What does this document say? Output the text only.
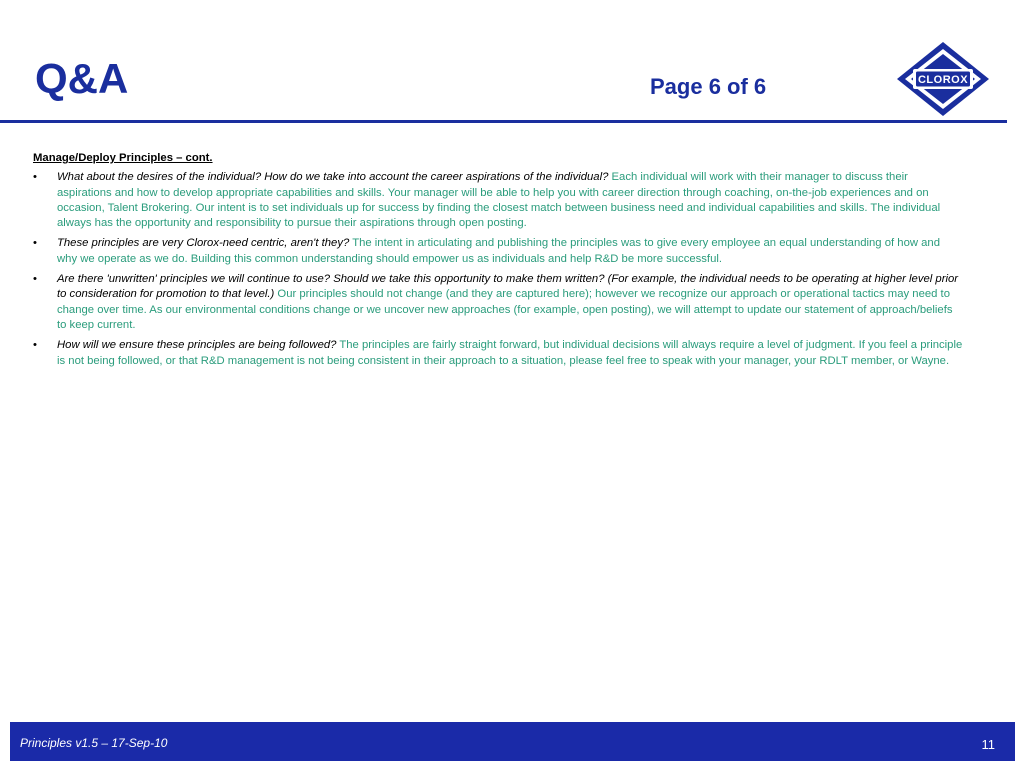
Q&A	Page 6 of 6	CLOROX
Manage/Deploy Principles – cont.
• What about the desires of the individual? How do we take into account the career aspirations of the individual? Each individual will work with their manager to discuss their aspirations and how to develop appropriate capabilities and skills. Your manager will be able to help you with career direction through coaching, on-the-job experiences and on occasion, Talent Brokering. Our intent is to set individuals up for success by finding the closest match between business need and individual capabilities and skills. The individual always has the opportunity and responsibility to pursue their aspirations through open posting.
• These principles are very Clorox-need centric, aren't they? The intent in articulating and publishing the principles was to give every employee an equal understanding of how and why we operate as we do. Building this common understanding should empower us as individuals and help R&D be more successful.
• Are there 'unwritten' principles we will continue to use? Should we take this opportunity to make them written? (For example, the individual needs to be operating at higher level prior to consideration for promotion to that level.) Our principles should not change (and they are captured here); however we recognize our approach or operational tactics may need to change over time. As our environmental conditions change or we uncover new approaches (for example, open posting), we will attempt to update our statement of approach/beliefs to keep current.
• How will we ensure these principles are being followed? The principles are fairly straight forward, but individual decisions will always require a level of judgment. If you feel a principle is not being followed, or that R&D management is not being consistent in their approach to a situation, please feel free to speak with your manager, your RDLT member, or Wayne.
Principles v1.5 – 17-Sep-10	11
